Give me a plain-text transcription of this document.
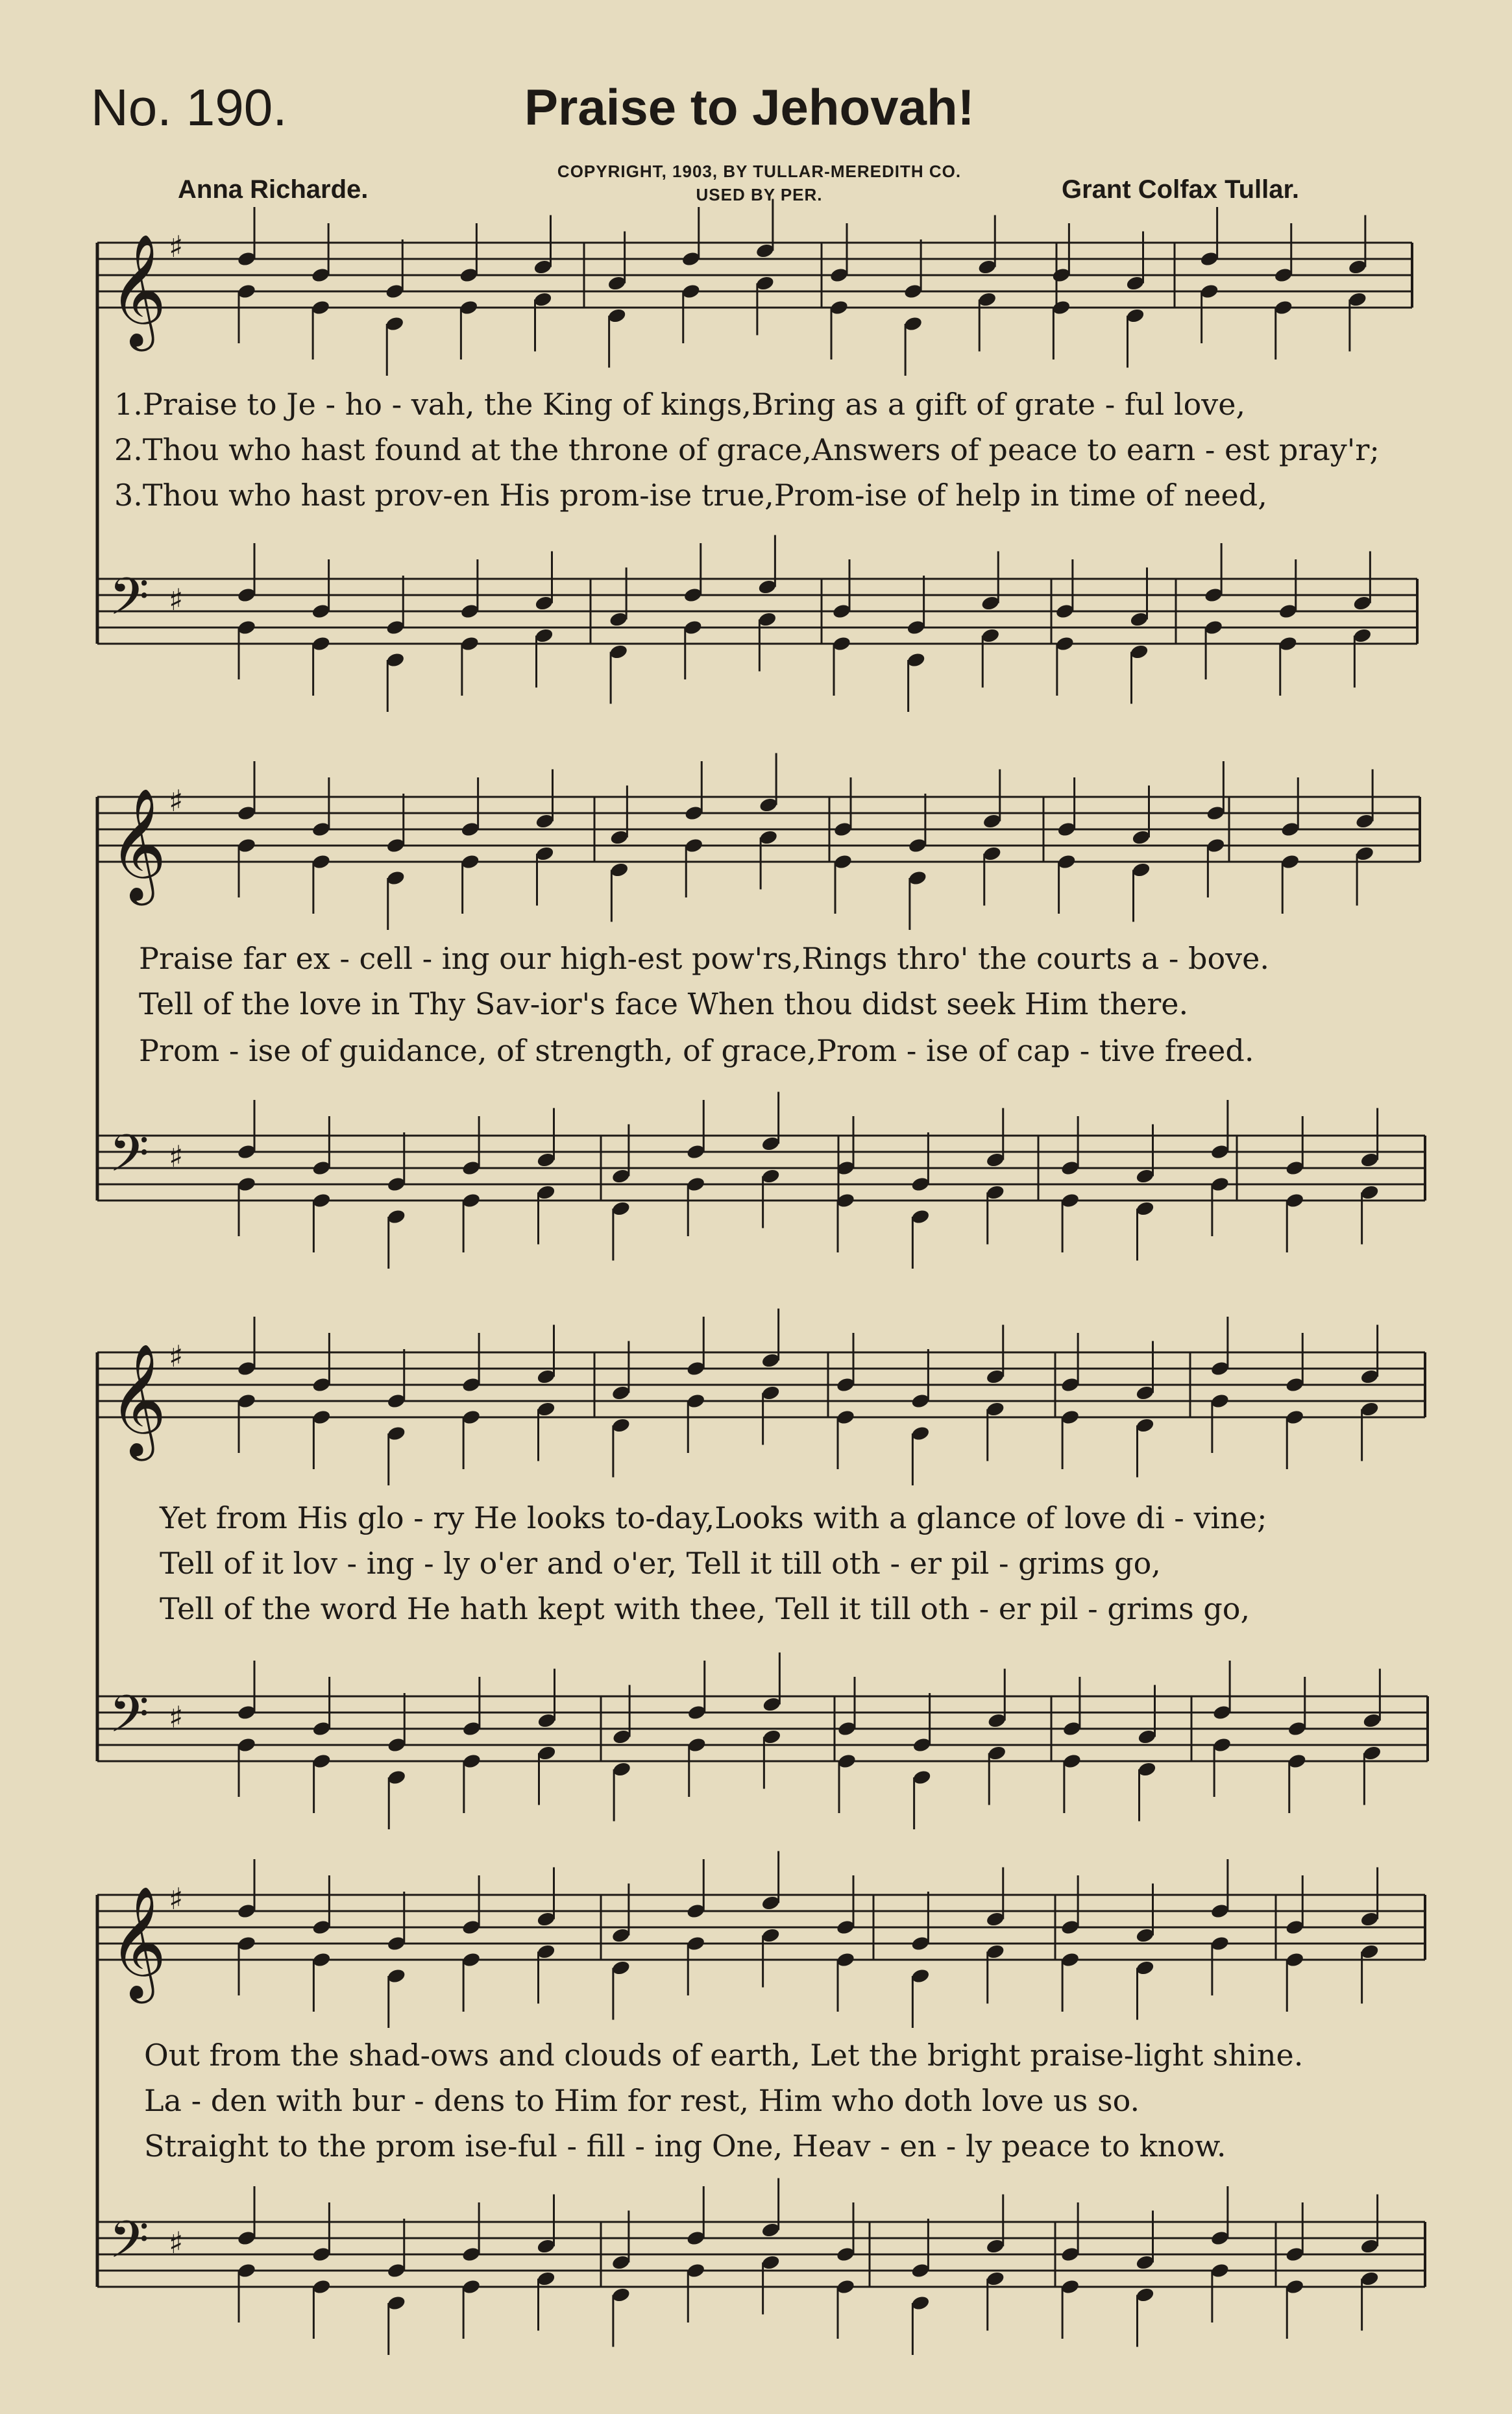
No. 190.	Praise to Jehovah!
Anna Richarde.
COPYRIGHT, 1903, BY TULLAR-MEREDITH CO.
USED BY PER.	Grant Colfax Tullar.
𝄞 ♯
𝄢 ♯
𝄞 ♯
𝄢 ♯
𝄞 ♯
𝄢 ♯
𝄞 ♯
𝄢 ♯
1.Praise to Je - ho - vah, the King of kings,Bring as a gift of grate - ful love,
2.Thou who hast found at the throne of grace,Answers of peace to earn - est pray'r;
3.Thou who hast prov-en His prom-ise true,Prom-ise of help in time of need,
Praise far ex - cell - ing our high-est pow'rs,Rings thro' the courts a - bove.
Tell of the love in Thy Sav-ior's face When thou didst seek Him there.
Prom - ise of guidance, of strength, of grace,Prom - ise of cap - tive freed.
Yet from His glo - ry He looks to-day,Looks with a glance of love di - vine;
Tell of it lov - ing - ly o'er and o'er, Tell it till oth - er pil - grims go,
Tell of the word He hath kept with thee, Tell it till oth - er pil - grims go,
Out from the shad-ows and clouds of earth, Let the bright praise-light shine.
La - den with bur - dens to Him for rest, Him who doth love us so.
Straight to the prom ise-ful - fill - ing One, Heav - en - ly peace to know.
